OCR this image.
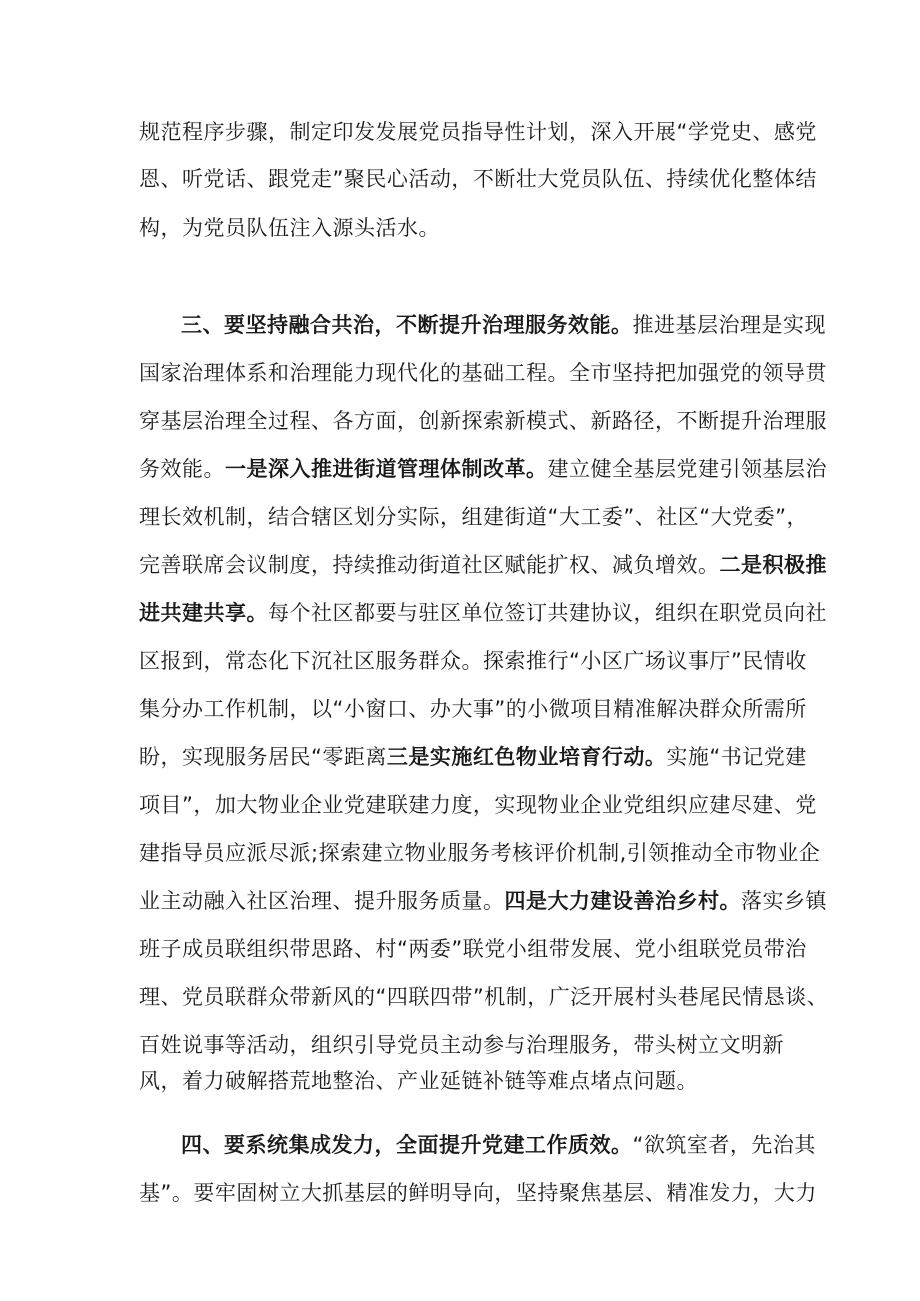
规范程序步骤，制定印发发展党员指导性计划，深入开展“学党史、感党
恩、听党话、跟党走”聚民心活动，不断壮大党员队伍、持续优化整体结
构，为党员队伍注入源头活水。
三、要坚持融合共治，不断提升治理服务效能。推进基层治理是实现
国家治理体系和治理能力现代化的基础工程。全市坚持把加强党的领导贯
穿基层治理全过程、各方面，创新探索新模式、新路径，不断提升治理服
务效能。一是深入推进街道管理体制改革。建立健全基层党建引领基层治
理长效机制，结合辖区划分实际，组建街道“大工委”、社区“大党委”，
完善联席会议制度，持续推动街道社区赋能扩权、减负增效。二是积极推
进共建共享。每个社区都要与驻区单位签订共建协议，组织在职党员向社
区报到，常态化下沉社区服务群众。探索推行“小区广场议事厅”民情收
集分办工作机制，以“小窗口、办大事”的小微项目精准解决群众所需所
盼，实现服务居民“零距离三是实施红色物业培育行动。实施“书记党建
项目”，加大物业企业党建联建力度，实现物业企业党组织应建尽建、党
建指导员应派尽派;探索建立物业服务考核评价机制,引领推动全市物业企
业主动融入社区治理、提升服务质量。四是大力建设善治乡村。落实乡镇
班子成员联组织带思路、村“两委”联党小组带发展、党小组联党员带治
理、党员联群众带新风的“四联四带”机制，广泛开展村头巷尾民情恳谈、
百姓说事等活动，组织引导党员主动参与治理服务，带头树立文明新
风，着力破解搭荒地整治、产业延链补链等难点堵点问题。
四、要系统集成发力，全面提升党建工作质效。“欲筑室者，先治其
基”。要牢固树立大抓基层的鲜明导向，坚持聚焦基层、精准发力，大力
